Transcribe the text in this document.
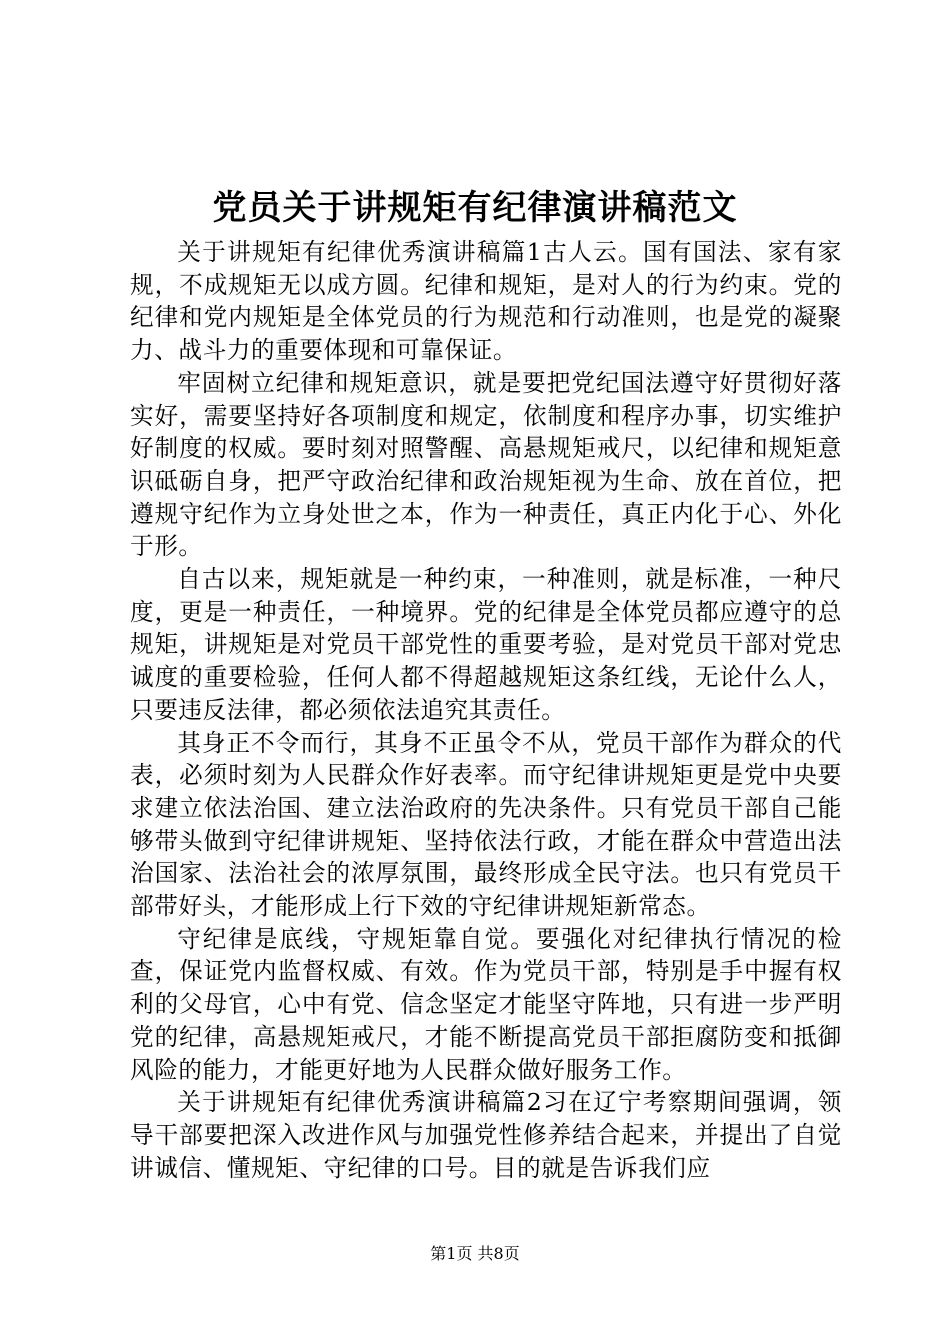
党员关于讲规矩有纪律演讲稿范文

关于讲规矩有纪律优秀演讲稿篇1古人云。国有国法、家有家规，不成规矩无以成方圆。纪律和规矩，是对人的行为约束。党的纪律和党内规矩是全体党员的行为规范和行动准则，也是党的凝聚力、战斗力的重要体现和可靠保证。

牢固树立纪律和规矩意识，就是要把党纪国法遵守好贯彻好落实好，需要坚持好各项制度和规定，依制度和程序办事，切实维护好制度的权威。要时刻对照警醒、高悬规矩戒尺，以纪律和规矩意识砥砺自身，把严守政治纪律和政治规矩视为生命、放在首位，把遵规守纪作为立身处世之本，作为一种责任，真正内化于心、外化于形。

自古以来，规矩就是一种约束，一种准则，就是标准，一种尺度，更是一种责任，一种境界。党的纪律是全体党员都应遵守的总规矩，讲规矩是对党员干部党性的重要考验，是对党员干部对党忠诚度的重要检验，任何人都不得超越规矩这条红线，无论什么人，只要违反法律，都必须依法追究其责任。

其身正不令而行，其身不正虽令不从，党员干部作为群众的代表，必须时刻为人民群众作好表率。而守纪律讲规矩更是党中央要求建立依法治国、建立法治政府的先决条件。只有党员干部自己能够带头做到守纪律讲规矩、坚持依法行政，才能在群众中营造出法治国家、法治社会的浓厚氛围，最终形成全民守法。也只有党员干部带好头，才能形成上行下效的守纪律讲规矩新常态。

守纪律是底线，守规矩靠自觉。要强化对纪律执行情况的检查，保证党内监督权威、有效。作为党员干部，特别是手中握有权利的父母官，心中有党、信念坚定才能坚守阵地，只有进一步严明党的纪律，高悬规矩戒尺，才能不断提高党员干部拒腐防变和抵御风险的能力，才能更好地为人民群众做好服务工作。

关于讲规矩有纪律优秀演讲稿篇2习在辽宁考察期间强调，领导干部要把深入改进作风与加强党性修养结合起来，并提出了自觉讲诚信、懂规矩、守纪律的口号。目的就是告诉我们应

第1页 共8页
